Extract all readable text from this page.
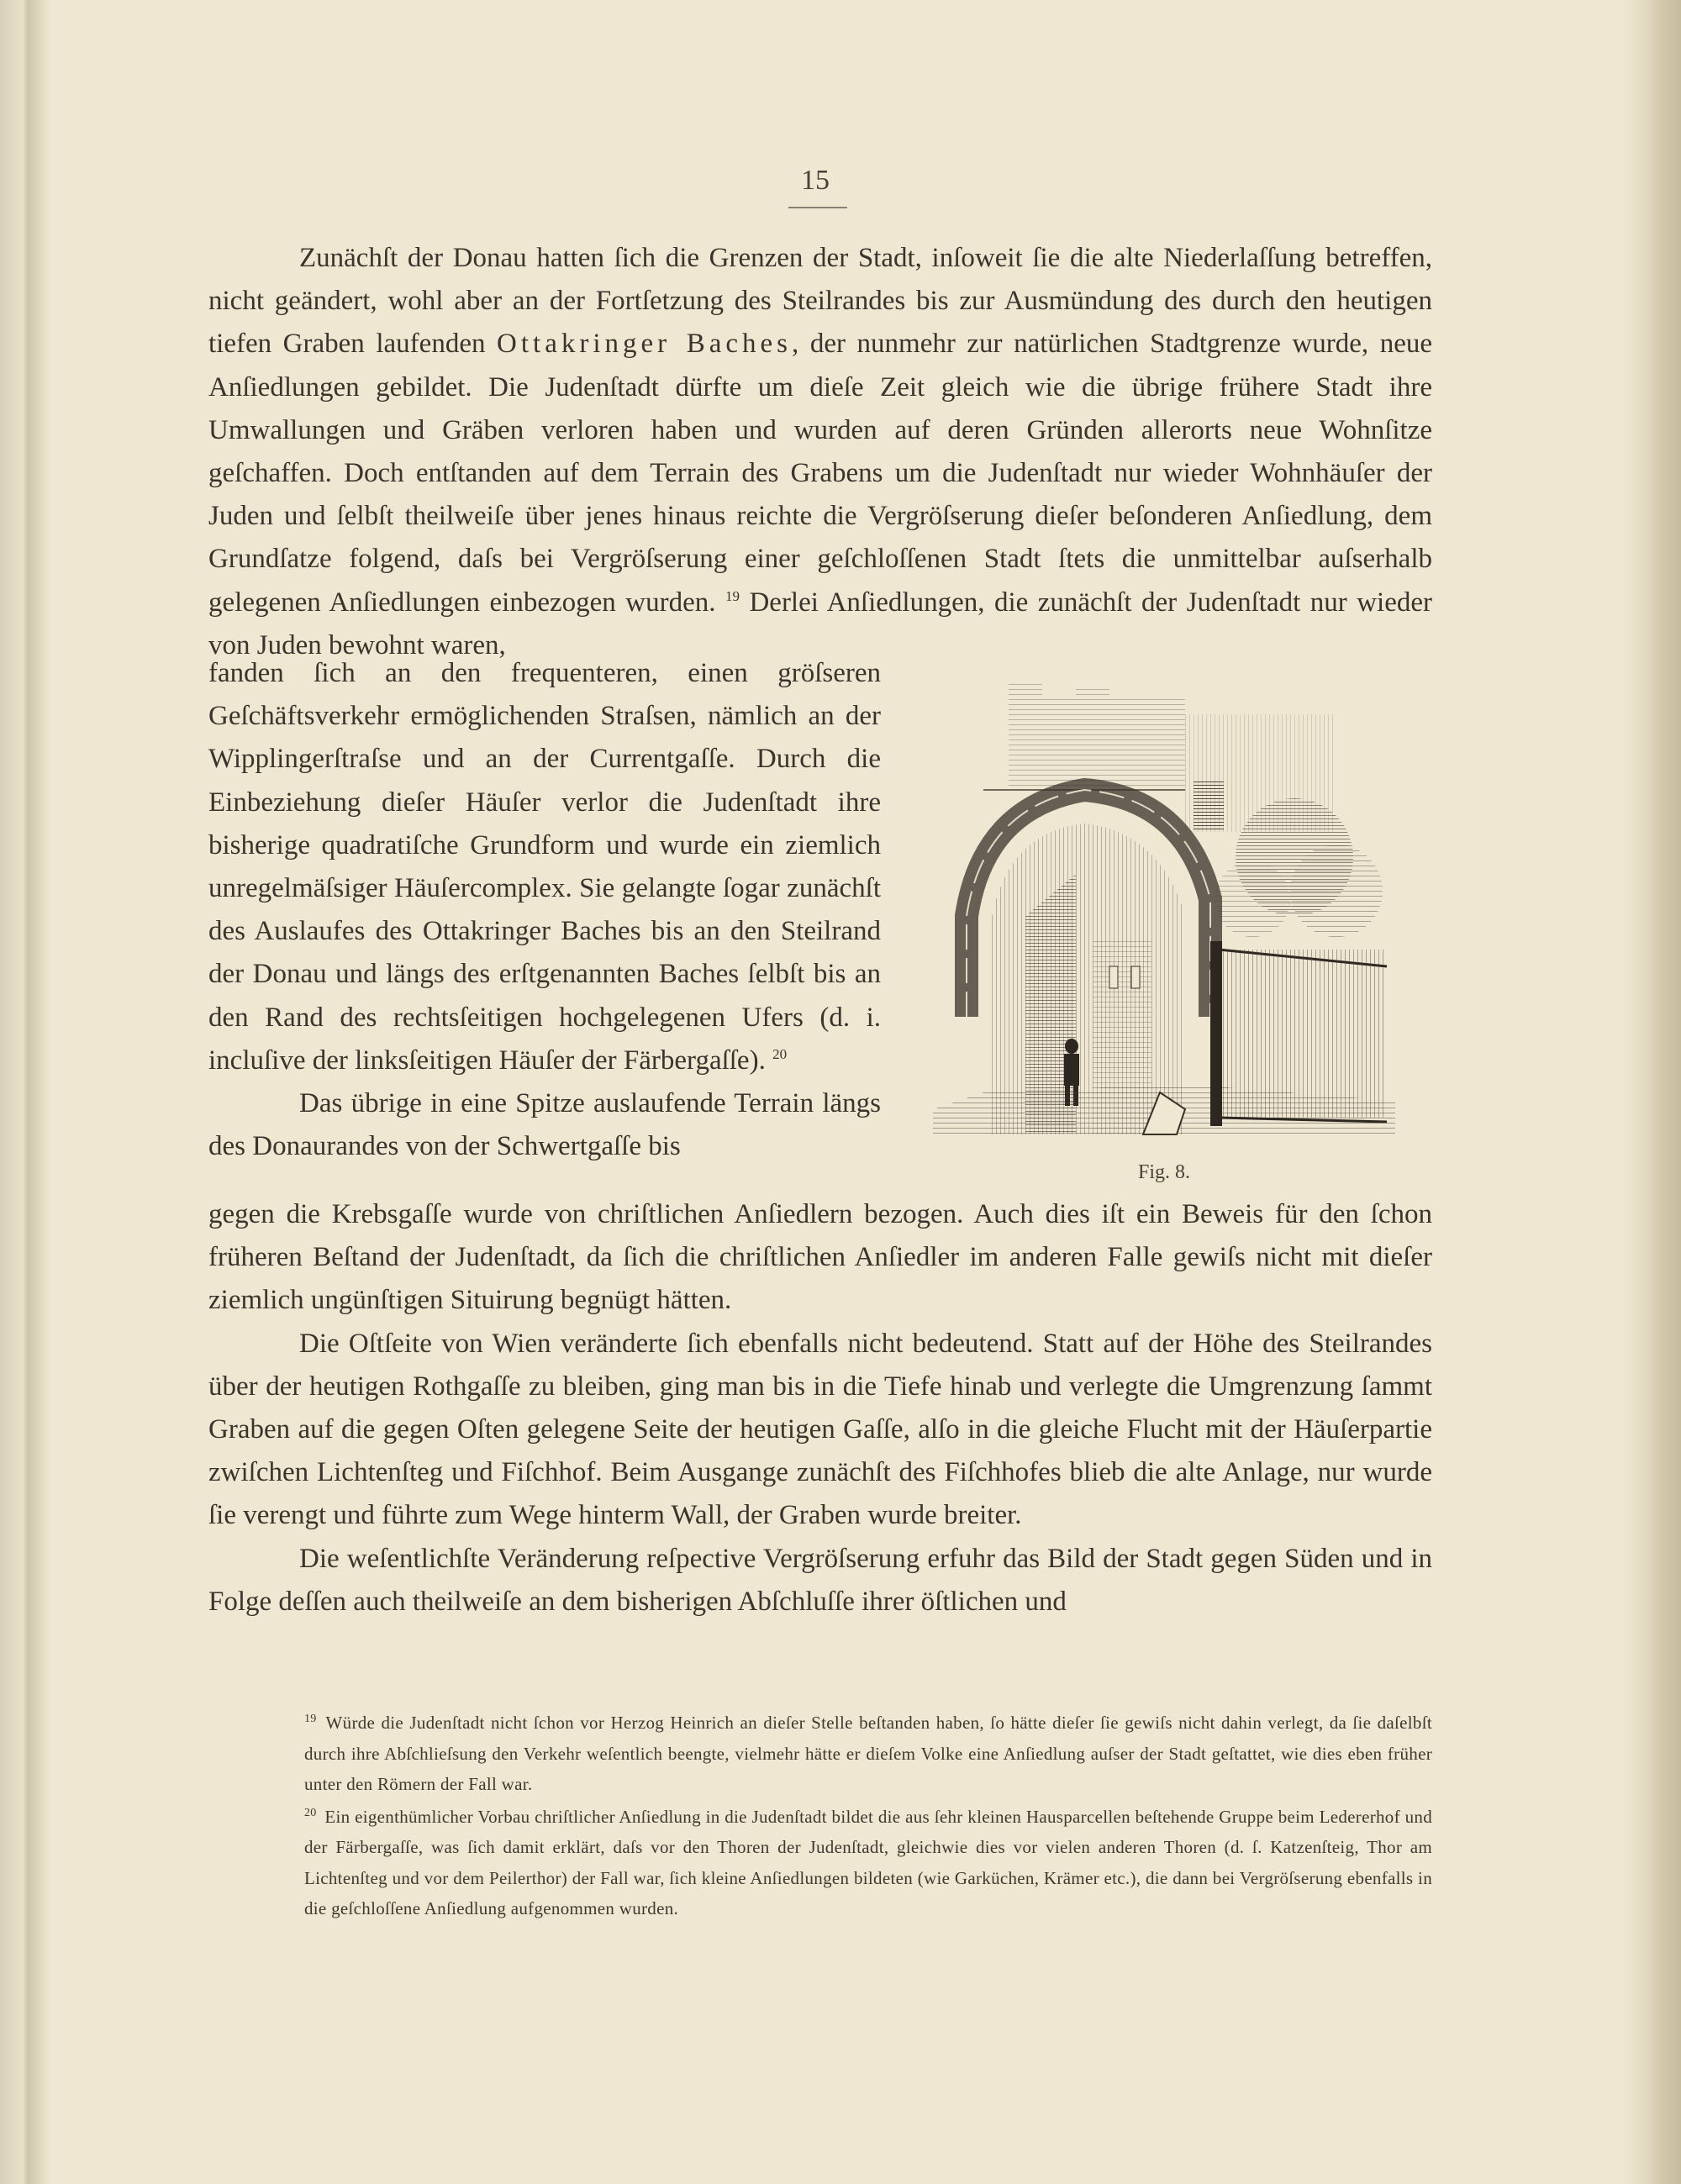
15

Zunächſt der Donau hatten ſich die Grenzen der Stadt, inſoweit ſie die alte Niederlaſſung betreffen, nicht geändert, wohl aber an der Fortſetzung des Steilrandes bis zur Ausmündung des durch den heutigen tiefen Graben laufenden Ottakringer Baches, der nunmehr zur natürlichen Stadtgrenze wurde, neue Anſiedlungen gebildet. Die Judenſtadt dürfte um dieſe Zeit gleich wie die übrige frühere Stadt ihre Umwallungen und Gräben verloren haben und wurden auf deren Gründen allerorts neue Wohnſitze geſchaffen. Doch entſtanden auf dem Terrain des Grabens um die Judenſtadt nur wieder Wohnhäuſer der Juden und ſelbſt theilweiſe über jenes hinaus reichte die Vergröſserung dieſer beſonderen Anſiedlung, dem Grundſatze folgend, daſs bei Vergröſserung einer geſchloſſenen Stadt ſtets die unmittelbar auſserhalb gelegenen Anſiedlungen einbezogen wurden. $^{19}$ Derlei Anſiedlungen, die zunächſt der Judenſtadt nur wieder von Juden bewohnt waren,

fanden ſich an den frequenteren, einen gröſseren Geſchäftsverkehr ermöglichenden Straſsen, nämlich an der Wipplingerſtraſse und an der Currentgaſſe. Durch die Einbeziehung dieſer Häuſer verlor die Judenſtadt ihre bisherige quadratiſche Grundform und wurde ein ziemlich unregelmäſsiger Häuſercomplex. Sie gelangte ſogar zunächſt des Auslaufes des Ottakringer Baches bis an den Steilrand der Donau und längs des erſtgenannten Baches ſelbſt bis an den Rand des rechtsſeitigen hochgelegenen Ufers (d. i. incluſive der linksſeitigen Häuſer der Färbergaſſe). $^{20}$

Das übrige in eine Spitze auslaufende Terrain längs des Donaurandes von der Schwertgaſſe bis

Fig. 8.

gegen die Krebsgaſſe wurde von chriſtlichen Anſiedlern bezogen. Auch dies iſt ein Beweis für den ſchon früheren Beſtand der Judenſtadt, da ſich die chriſtlichen Anſiedler im anderen Falle gewiſs nicht mit dieſer ziemlich ungünſtigen Situirung begnügt hätten.

Die Oſtſeite von Wien veränderte ſich ebenfalls nicht bedeutend. Statt auf der Höhe des Steilrandes über der heutigen Rothgaſſe zu bleiben, ging man bis in die Tiefe hinab und verlegte die Umgrenzung ſammt Graben auf die gegen Oſten gelegene Seite der heutigen Gaſſe, alſo in die gleiche Flucht mit der Häuſerpartie zwiſchen Lichtenſteg und Fiſchhof. Beim Ausgange zunächſt des Fiſchhofes blieb die alte Anlage, nur wurde ſie verengt und führte zum Wege hinterm Wall, der Graben wurde breiter.

Die weſentlichſte Veränderung reſpective Vergröſserung erfuhr das Bild der Stadt gegen Süden und in Folge deſſen auch theilweiſe an dem bisherigen Abſchluſſe ihrer öſtlichen und

$^{19}$ Würde die Judenſtadt nicht ſchon vor Herzog Heinrich an dieſer Stelle beſtanden haben, ſo hätte dieſer ſie gewiſs nicht dahin verlegt, da ſie daſelbſt durch ihre Abſchlieſsung den Verkehr weſentlich beengte, vielmehr hätte er dieſem Volke eine Anſiedlung auſser der Stadt geſtattet, wie dies eben früher unter den Römern der Fall war.

$^{20}$ Ein eigenthümlicher Vorbau chriſtlicher Anſiedlung in die Judenſtadt bildet die aus ſehr kleinen Hausparcellen beſtehende Gruppe beim Ledererhof und der Färbergaſſe, was ſich damit erklärt, daſs vor den Thoren der Judenſtadt, gleichwie dies vor vielen anderen Thoren (d. ſ. Katzenſteig, Thor am Lichtenſteg und vor dem Peilerthor) der Fall war, ſich kleine Anſiedlungen bildeten (wie Garküchen, Krämer etc.), die dann bei Vergröſserung ebenfalls in die geſchloſſene Anſiedlung aufgenommen wurden.
